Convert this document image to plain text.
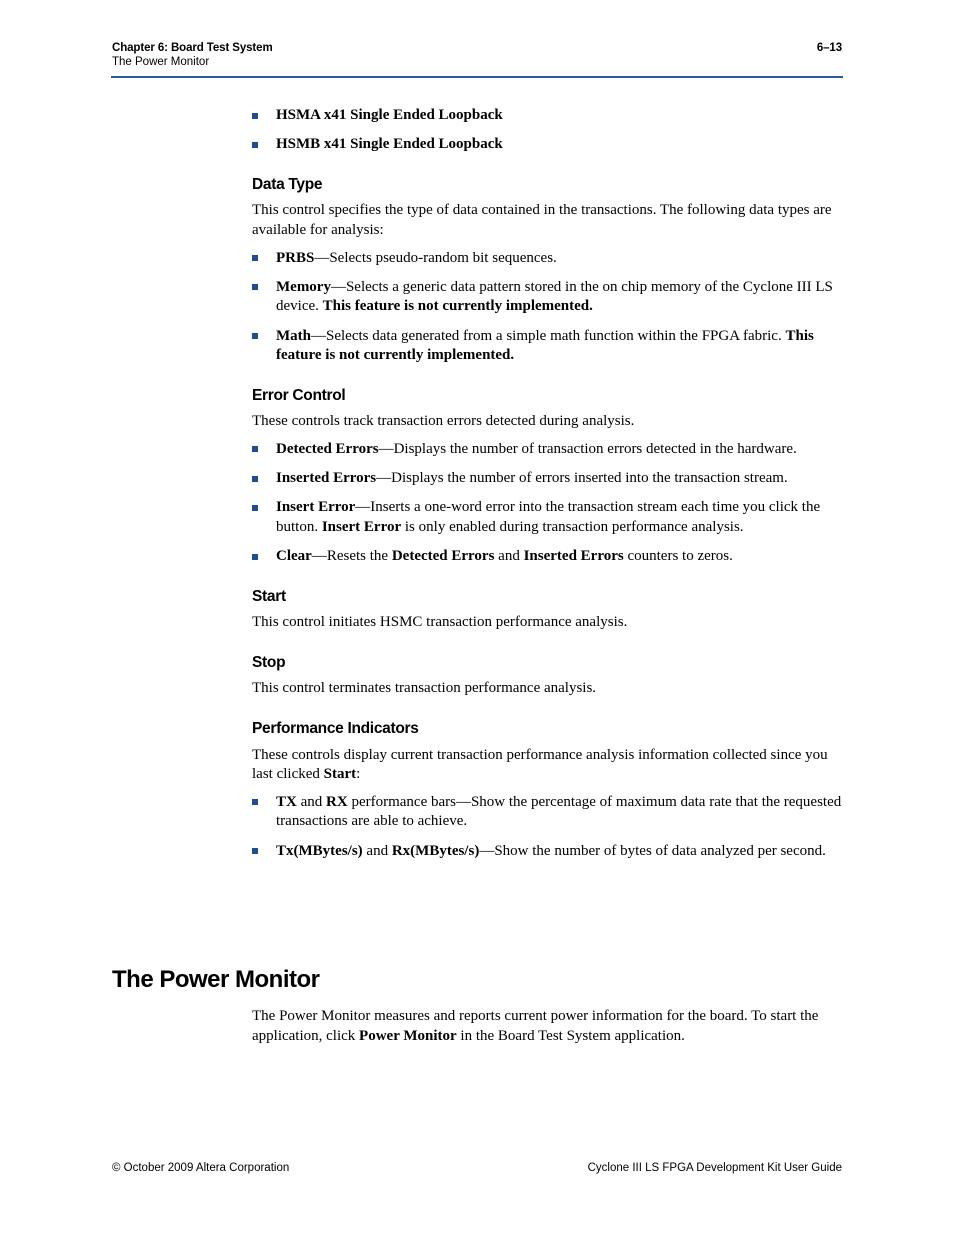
Chapter 6: Board Test System	6–13
The Power Monitor
HSMA x41 Single Ended Loopback
HSMB x41 Single Ended Loopback
Data Type

This control specifies the type of data contained in the transactions. The following data types are available for analysis:

PRBS—Selects pseudo-random bit sequences.
Memory—Selects a generic data pattern stored in the on chip memory of the Cyclone III LS device. This feature is not currently implemented.
Math—Selects data generated from a simple math function within the FPGA fabric. This feature is not currently implemented.
Error Control

These controls track transaction errors detected during analysis.

Detected Errors—Displays the number of transaction errors detected in the hardware.
Inserted Errors—Displays the number of errors inserted into the transaction stream.
Insert Error—Inserts a one-word error into the transaction stream each time you click the button. Insert Error is only enabled during transaction performance analysis.
Clear—Resets the Detected Errors and Inserted Errors counters to zeros.
Start

This control initiates HSMC transaction performance analysis.

Stop

This control terminates transaction performance analysis.

Performance Indicators

These controls display current transaction performance analysis information collected since you last clicked Start:

TX and RX performance bars—Show the percentage of maximum data rate that the requested transactions are able to achieve.
Tx(MBytes/s) and Rx(MBytes/s)—Show the number of bytes of data analyzed per second.
The Power Monitor

The Power Monitor measures and reports current power information for the board. To start the application, click Power Monitor in the Board Test System application.

© October 2009 Altera Corporation	Cyclone III LS FPGA Development Kit User Guide
